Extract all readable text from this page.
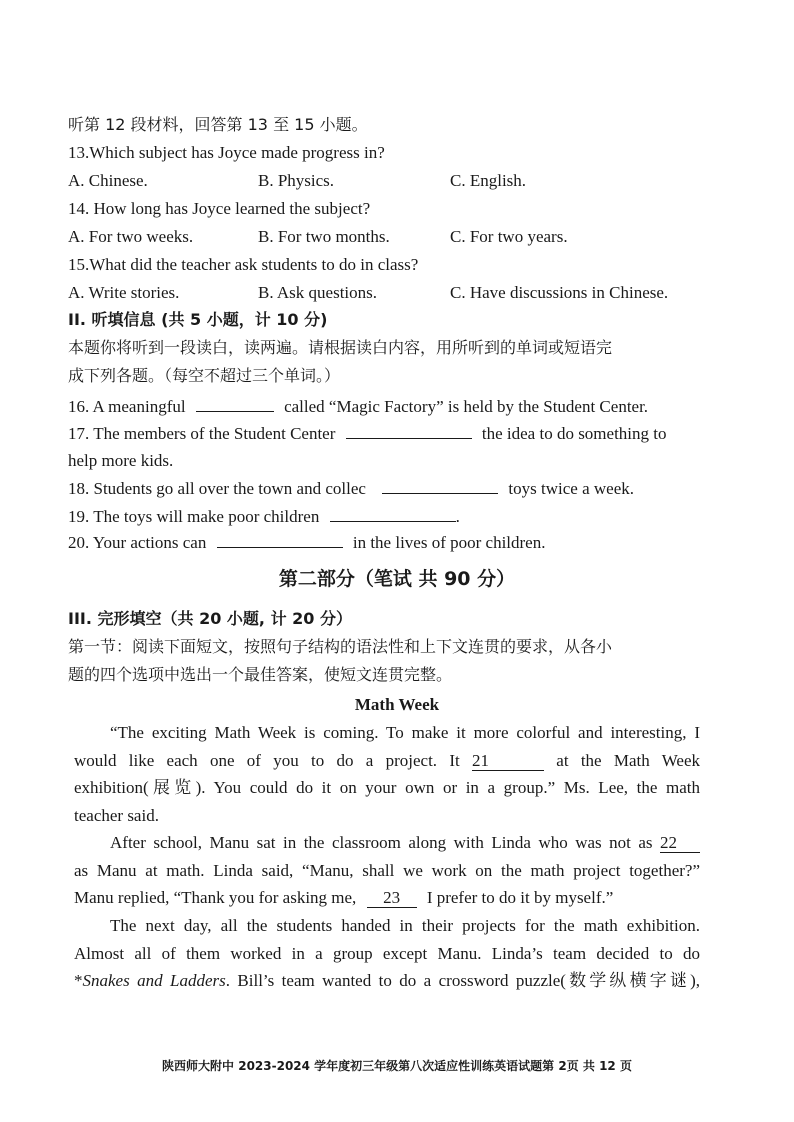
听第 12 段材料，回答第 13 至 15 小题。
13.Which subject has Joyce made progress in?
A. Chinese.	B. Physics.	C. English.
14. How long has Joyce learned the subject?
A. For two weeks.	B. For two months.	C. For two years.
15.What did the teacher ask students to do in class?
A. Write stories.	B. Ask questions.	C. Have discussions in Chinese.
II. 听填信息 (共 5 小题，计 10 分)
本题你将听到一段读白，读两遍。请根据读白内容，用所听到的单词或短语完
成下列各题。（每空不超过三个单词。）
16. A meaningful	called “Magic Factory” is held by the Student Center.
17. The members of the Student Center	the idea to do something to
help more kids.
18. Students go all over the town and collec	toys twice a week.
19. The toys will make poor children	.
20. Your actions can	in the lives of poor children.
第二部分（笔试 共 90 分）
III. 完形填空（共 20 小题, 计 20 分）
第一节：阅读下面短文，按照句子结构的语法性和上下文连贯的要求，从各小
题的四个选项中选出一个最佳答案，使短文连贯完整。
Math Week
“The exciting Math Week is coming. To make it more colorful and interesting, I
would like each one of you to do a project. It 21	at the Math Week
exhibition(展览). You could do it on your own or in a group.” Ms. Lee, the math
teacher said.
After school, Manu sat in the classroom along with Linda who was not as 22
as Manu at math. Linda said, “Manu, shall we work on the math project together?”
Manu replied, “Thank you for asking me, 23 I prefer to do it by myself.”
The next day, all the students handed in their projects for the math exhibition.
Almost all of them worked in a group except Manu. Linda’s team decided to do
*Snakes and Ladders. Bill’s team wanted to do a crossword puzzle(数学纵横字谜),
陕西师大附中 2023-2024 学年度初三年级第八次适应性训练英语试题第 2页 共 12 页
